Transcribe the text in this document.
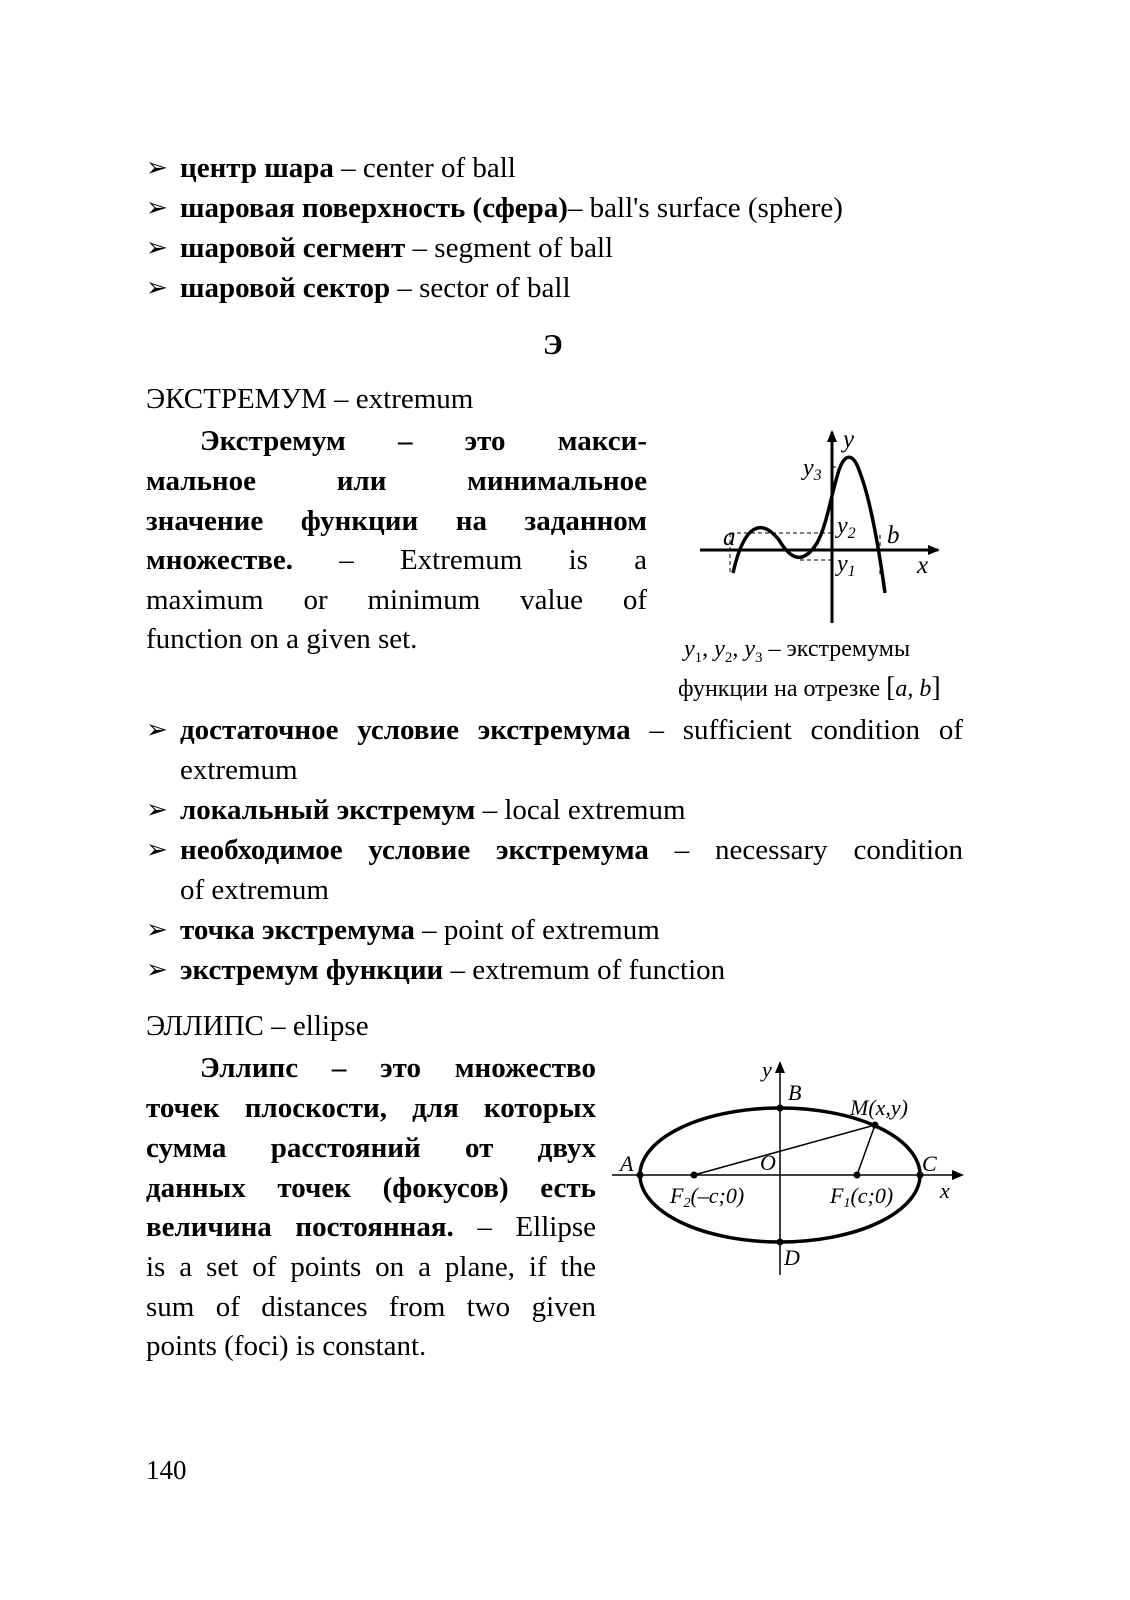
➢ центр шара – center of ball
➢ шаровая поверхность (сфера)– ball's surface (sphere)
➢ шаровой сегмент – segment of ball
➢ шаровой сектор – sector of ball
Э
ЭКСТРЕМУМ – extremum
Экстремум – это макси-
мальное или минимальное
значение функции на заданном
множестве. – Extremum is a
maximum or minimum value of
function on a given set.
y
x
$y_3$
$y_2$
$y_1$
a	b
$y_1$, $y_2$, $y_3$ – экстремумы
функции на отрезке [a, b]
➢ достаточное условие экстремума – sufficient condition of
extremum
➢ локальный экстремум – local extremum
➢ необходимое условие экстремума – necessary condition
of extremum
➢ точка экстремума – point of extremum
➢ экстремум функции – extremum of function
ЭЛЛИПС – ellipse
Эллипс – это множество
точек плоскости, для которых
сумма расстояний от двух
данных точек (фокусов) есть
величина постоянная. – Ellipse
is a set of points on a plane, if the
sum of distances from two given
points (foci) is constant.
y
x
B
A	C
D
O
M(x,y)
F2(–c;0)	F1(c;0)
140
